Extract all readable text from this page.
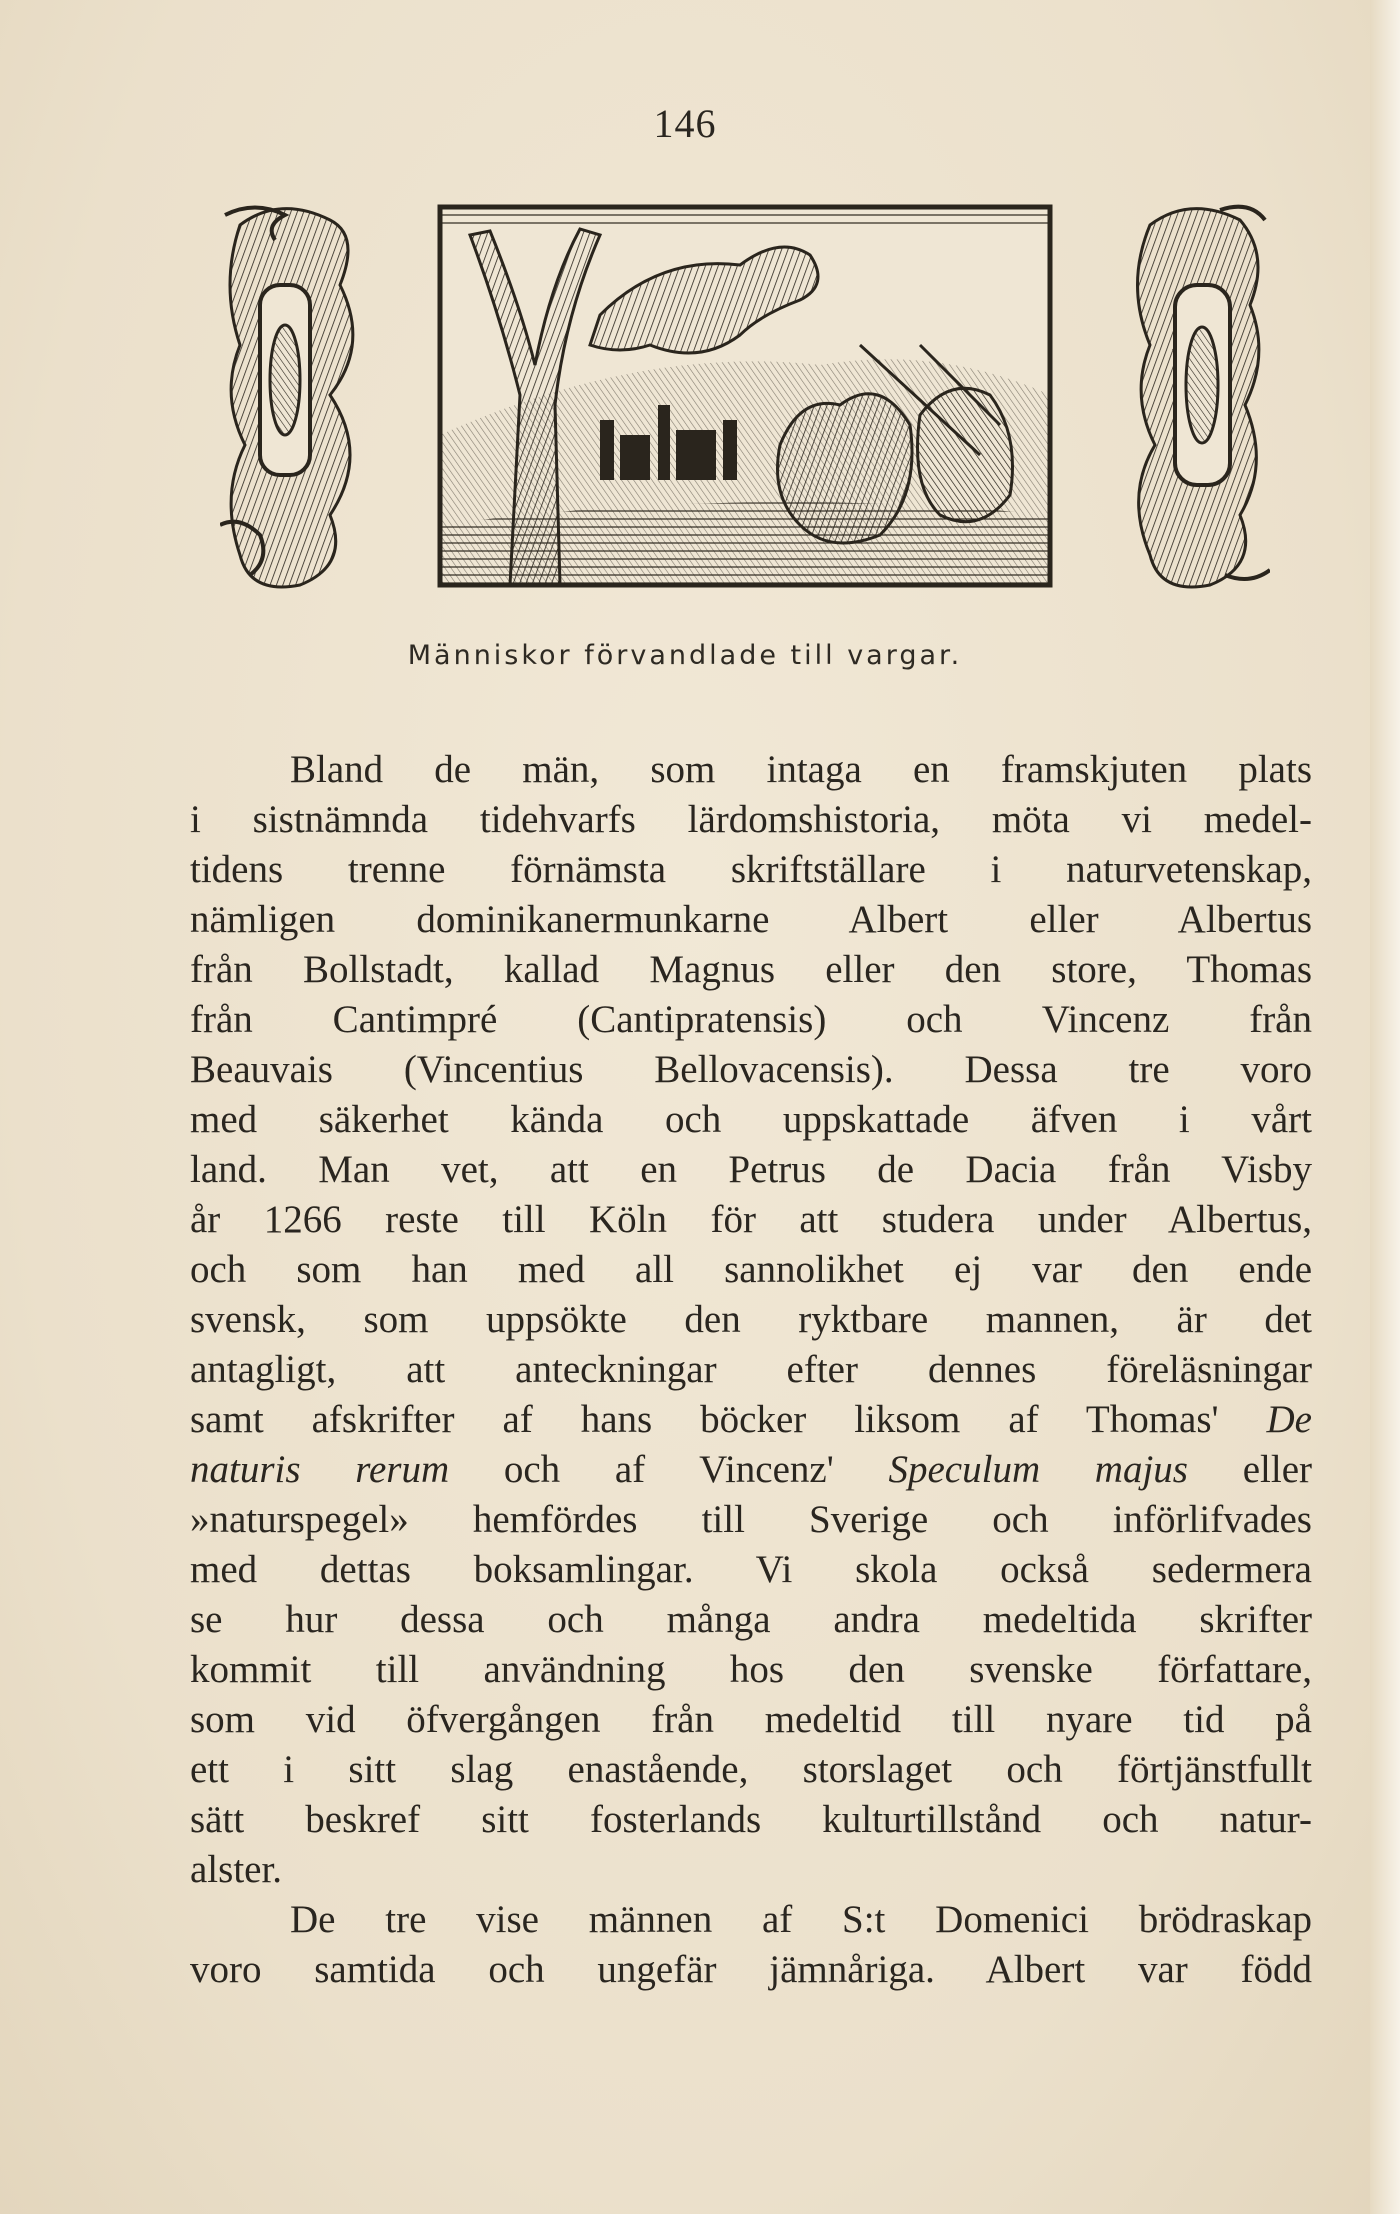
146
Människor förvandlade till vargar.
Bland de män, som intaga en framskjuten plats
i sistnämnda tidehvarfs lärdomshistoria, möta vi medel-
tidens trenne förnämsta skriftställare i naturvetenskap,
nämligen dominikanermunkarne Albert eller Albertus
från Bollstadt, kallad Magnus eller den store, Thomas
från Cantimpré (Cantipratensis) och Vincenz från
Beauvais (Vincentius Bellovacensis). Dessa tre voro
med säkerhet kända och uppskattade äfven i vårt
land. Man vet, att en Petrus de Dacia från Visby
år 1266 reste till Köln för att studera under Albertus,
och som han med all sannolikhet ej var den ende
svensk, som uppsökte den ryktbare mannen, är det
antagligt, att anteckningar efter dennes föreläsningar
samt afskrifter af hans böcker liksom af Thomas' De
naturis rerum och af Vincenz' Speculum majus eller
»naturspegel» hemfördes till Sverige och införlifvades
med dettas boksamlingar. Vi skola också sedermera
se hur dessa och många andra medeltida skrifter
kommit till användning hos den svenske författare,
som vid öfvergången från medeltid till nyare tid på
ett i sitt slag enastående, storslaget och förtjänstfullt
sätt beskref sitt fosterlands kulturtillstånd och natur-
alster.
De tre vise männen af S:t Domenici brödraskap
voro samtida och ungefär jämnåriga. Albert var född
